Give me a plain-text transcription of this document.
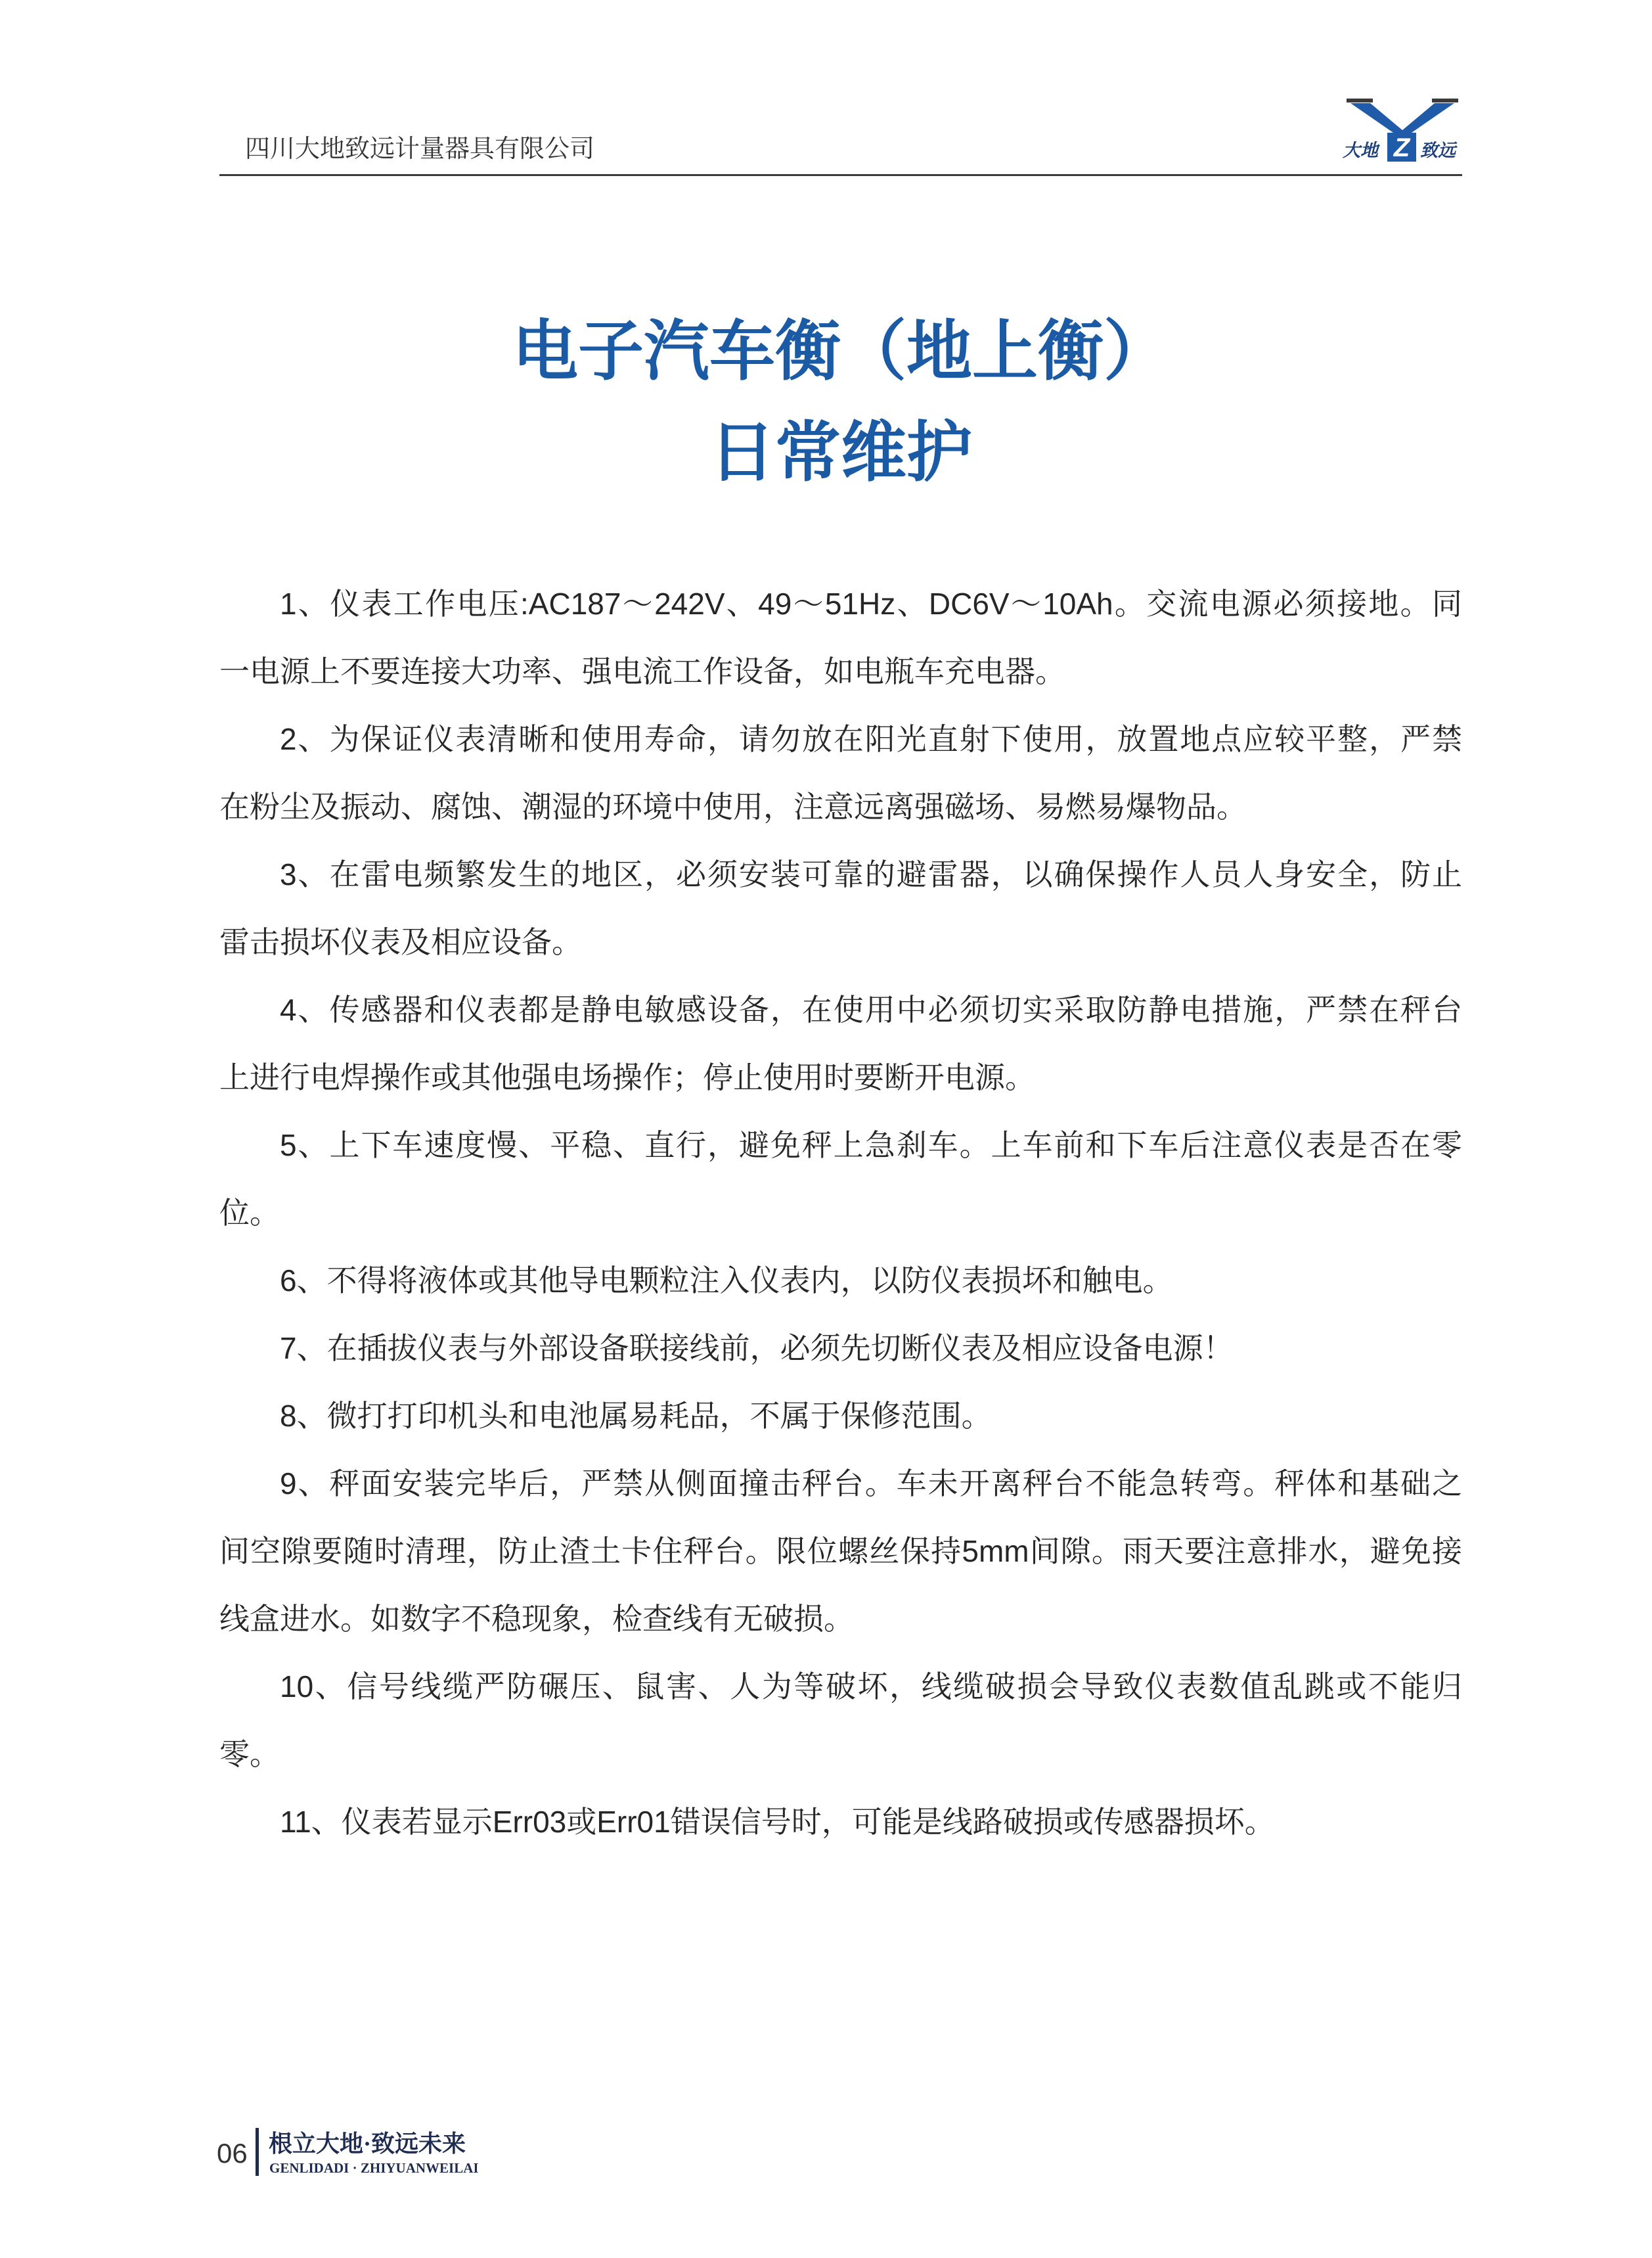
四川大地致远计量器具有限公司	Z
大地 致远
电子汽车衡（地上衡）
日常维护
1、仪表工作电压:AC187～242V、49～51Hz、DC6V～10Ah。交流电源必须接地。同
一电源上不要连接大功率、强电流工作设备，如电瓶车充电器。
2、为保证仪表清晰和使用寿命，请勿放在阳光直射下使用，放置地点应较平整，严禁
在粉尘及振动、腐蚀、潮湿的环境中使用，注意远离强磁场、易燃易爆物品。
3、在雷电频繁发生的地区，必须安装可靠的避雷器，以确保操作人员人身安全，防止
雷击损坏仪表及相应设备。
4、传感器和仪表都是静电敏感设备，在使用中必须切实采取防静电措施，严禁在秤台
上进行电焊操作或其他强电场操作；停止使用时要断开电源。
5、上下车速度慢、平稳、直行，避免秤上急刹车。上车前和下车后注意仪表是否在零
位。
6、不得将液体或其他导电颗粒注入仪表内，以防仪表损坏和触电。
7、在插拔仪表与外部设备联接线前，必须先切断仪表及相应设备电源！
8、微打打印机头和电池属易耗品，不属于保修范围。
9、秤面安装完毕后，严禁从侧面撞击秤台。车未开离秤台不能急转弯。秤体和基础之
间空隙要随时清理，防止渣土卡住秤台。限位螺丝保持5mm间隙。雨天要注意排水，避免接
线盒进水。如数字不稳现象，检查线有无破损。
10、信号线缆严防碾压、鼠害、人为等破坏，线缆破损会导致仪表数值乱跳或不能归
零。
11、仪表若显示Err03或Err01错误信号时，可能是线路破损或传感器损坏。
06 根立大地·致远未来
GENLIDADI · ZHIYUANWEILAI
